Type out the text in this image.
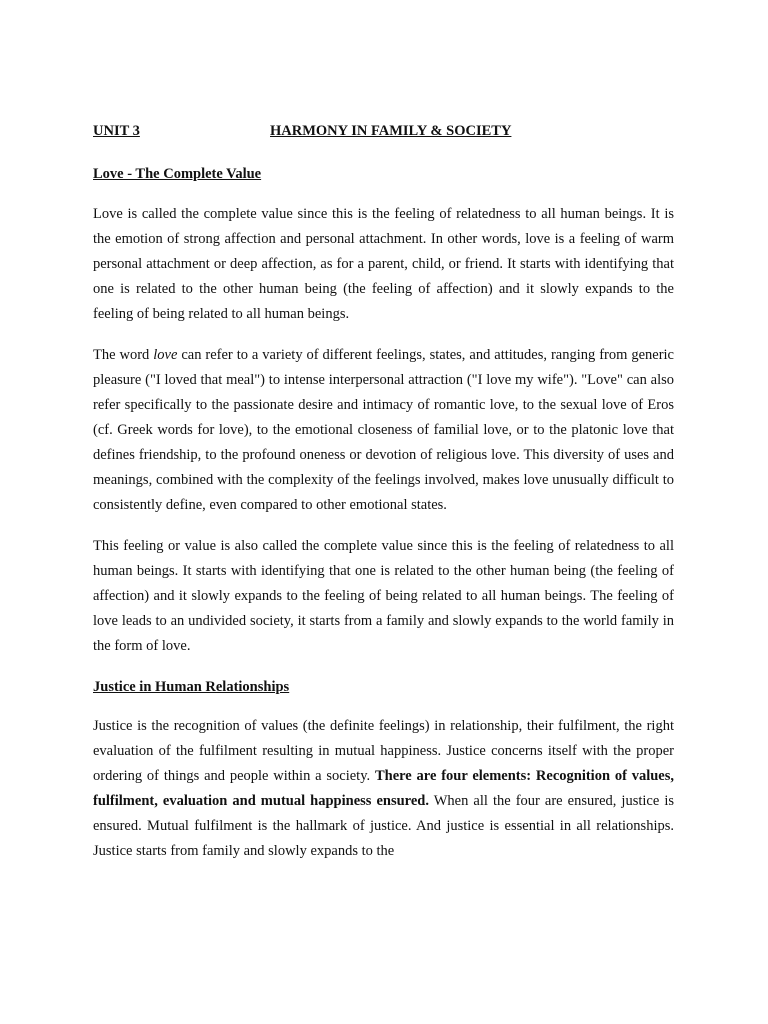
UNIT 3	HARMONY IN FAMILY & SOCIETY
Love - The Complete Value

Love is called the complete value since this is the feeling of relatedness to all human beings. It is the emotion of strong affection and personal attachment. In other words, love is a feeling of warm personal attachment or deep affection, as for a parent, child, or friend. It starts with identifying that one is related to the other human being (the feeling of affection) and it slowly expands to the feeling of being related to all human beings.

The word love can refer to a variety of different feelings, states, and attitudes, ranging from generic pleasure ("I loved that meal") to intense interpersonal attraction ("I love my wife"). "Love" can also refer specifically to the passionate desire and intimacy of romantic love, to the sexual love of Eros (cf. Greek words for love), to the emotional closeness of familial love, or to the platonic love that defines friendship, to the profound oneness or devotion of religious love. This diversity of uses and meanings, combined with the complexity of the feelings involved, makes love unusually difficult to consistently define, even compared to other emotional states.

This feeling or value is also called the complete value since this is the feeling of relatedness to all human beings. It starts with identifying that one is related to the other human being (the feeling of affection) and it slowly expands to the feeling of being related to all human beings. The feeling of love leads to an undivided society, it starts from a family and slowly expands to the world family in the form of love.

Justice in Human Relationships

Justice is the recognition of values (the definite feelings) in relationship, their fulfilment, the right evaluation of the fulfilment resulting in mutual happiness. Justice concerns itself with the proper ordering of things and people within a society. There are four elements: Recognition of values, fulfilment, evaluation and mutual happiness ensured. When all the four are ensured, justice is ensured. Mutual fulfilment is the hallmark of justice. And justice is essential in all relationships. Justice starts from family and slowly expands to the
